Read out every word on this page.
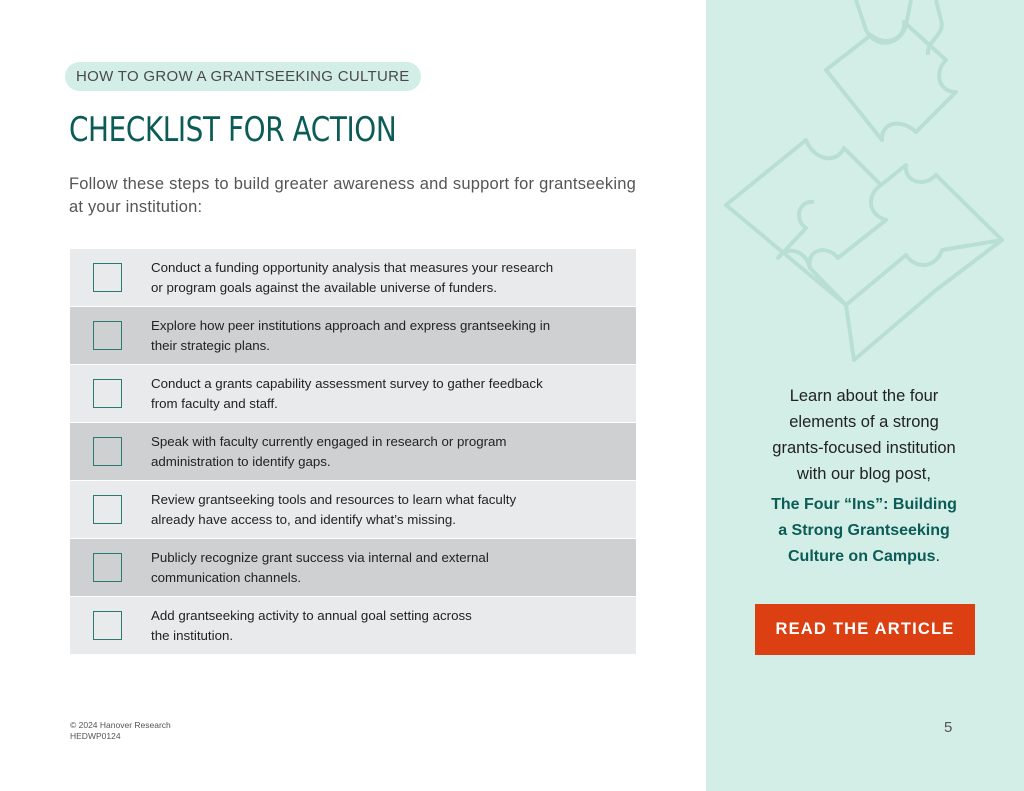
HOW TO GROW A GRANTSEEKING CULTURE
CHECKLIST FOR ACTION

Follow these steps to build greater awareness and support for grantseeking at your institution:

Conduct a funding opportunity analysis that measures your research
or program goals against the available universe of funders.
Explore how peer institutions approach and express grantseeking in
their strategic plans.
Conduct a grants capability assessment survey to gather feedback
from faculty and staff.
Speak with faculty currently engaged in research or program
administration to identify gaps.
Review grantseeking tools and resources to learn what faculty
already have access to, and identify what’s missing.
Publicly recognize grant success via internal and external
communication channels.
Add grantseeking activity to annual goal setting across
the institution.
© 2024 Hanover Research
HEDWP0124
Learn about the four
elements of a strong
grants-focused institution
with our blog post,
The Four “Ins”: Building
a Strong Grantseeking
Culture on Campus.
READ THE ARTICLE
5
